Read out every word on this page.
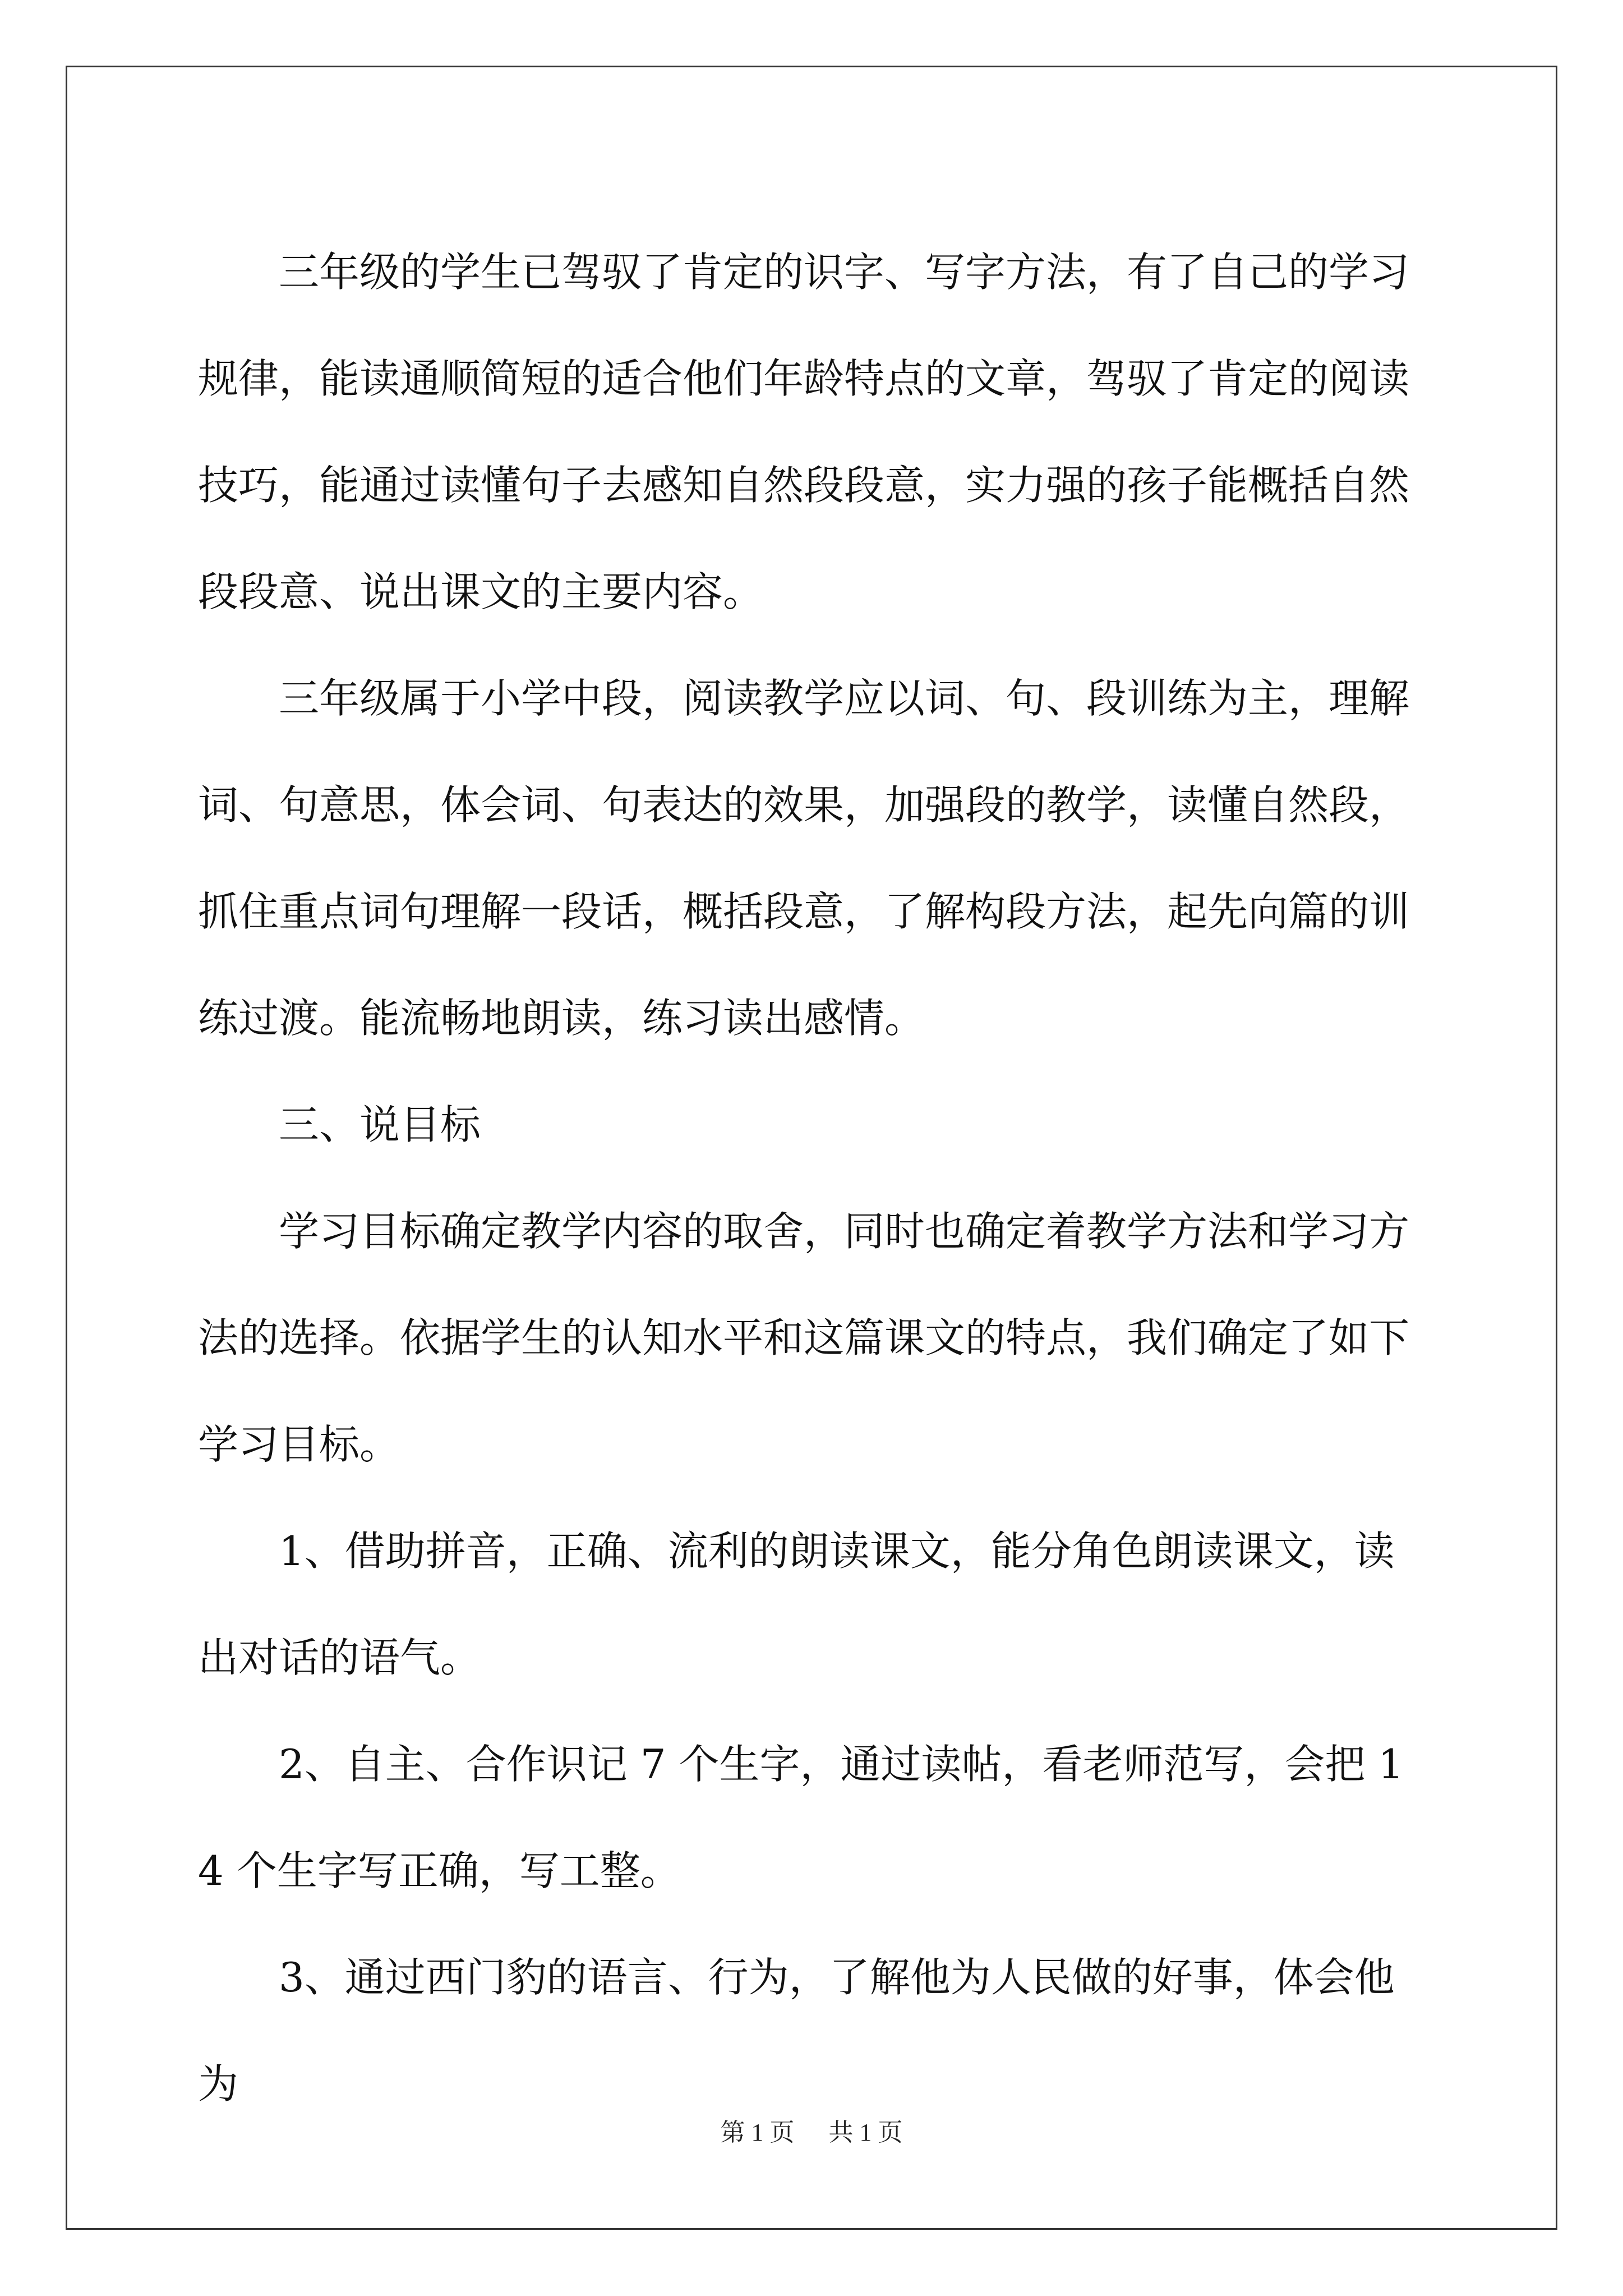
三年级的学生已驾驭了肯定的识字、写字方法，有了自己的学习规律，能读通顺简短的适合他们年龄特点的文章，驾驭了肯定的阅读技巧，能通过读懂句子去感知自然段段意，实力强的孩子能概括自然段段意、说出课文的主要内容。

三年级属于小学中段，阅读教学应以词、句、段训练为主，理解词、句意思，体会词、句表达的效果，加强段的教学，读懂自然段，抓住重点词句理解一段话，概括段意，了解构段方法，起先向篇的训练过渡。能流畅地朗读，练习读出感情。

三、说目标

学习目标确定教学内容的取舍，同时也确定着教学方法和学习方法的选择。依据学生的认知水平和这篇课文的特点，我们确定了如下学习目标。

1、借助拼音，正确、流利的朗读课文，能分角色朗读课文，读出对话的语气。

2、自主、合作识记 7 个生字，通过读帖，看老师范写，会把 14 个生字写正确，写工整。

3、通过西门豹的语言、行为，了解他为人民做的好事，体会他为

第 1 页 共 1 页
